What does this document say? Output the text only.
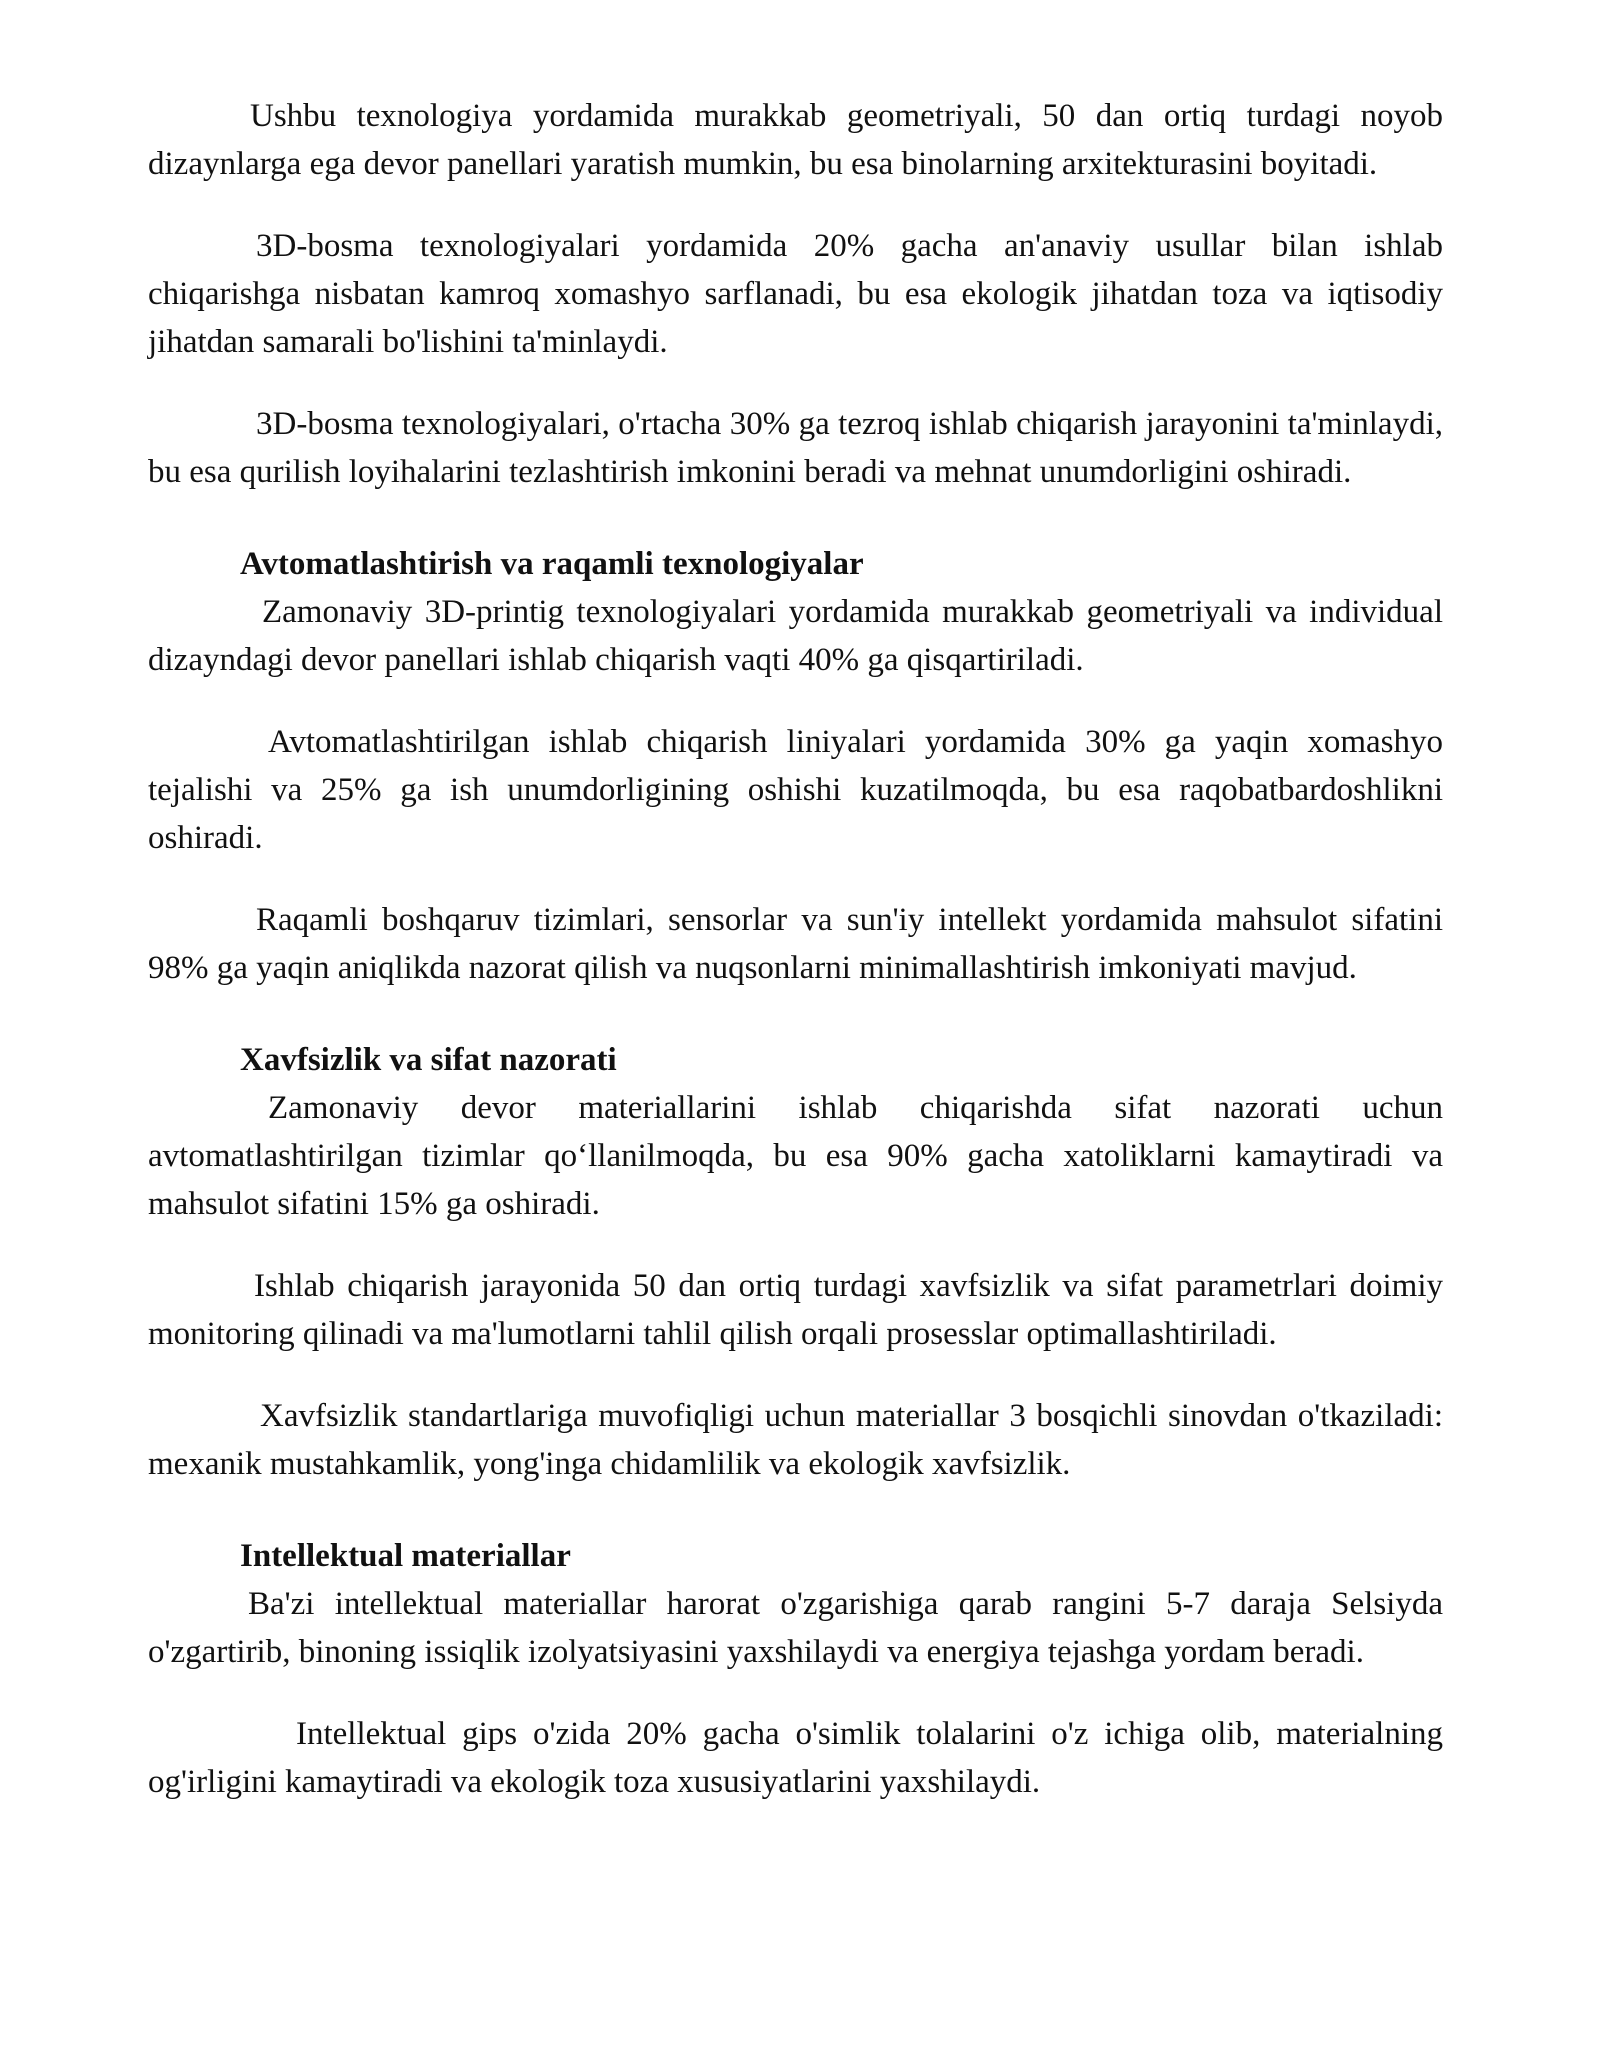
Ushbu texnologiya yordamida murakkab geometriyali, 50 dan ortiq turdagi noyob dizaynlarga ega devor panellari yaratish mumkin, bu esa binolarning arxitekturasini boyitadi.

3D-bosma texnologiyalari yordamida 20% gacha an'anaviy usullar bilan ishlab chiqarishga nisbatan kamroq xomashyo sarflanadi, bu esa ekologik jihatdan toza va iqtisodiy jihatdan samarali bo'lishini ta'minlaydi.

3D-bosma texnologiyalari, o'rtacha 30% ga tezroq ishlab chiqarish jarayonini ta'minlaydi, bu esa qurilish loyihalarini tezlashtirish imkonini beradi va mehnat unumdorligini oshiradi.

Avtomatlashtirish va raqamli texnologiyalar

Zamonaviy 3D-printig texnologiyalari yordamida murakkab geometriyali va individual dizayndagi devor panellari ishlab chiqarish vaqti 40% ga qisqartiriladi.

Avtomatlashtirilgan ishlab chiqarish liniyalari yordamida 30% ga yaqin xomashyo tejalishi va 25% ga ish unumdorligining oshishi kuzatilmoqda, bu esa raqobatbardoshlikni oshiradi.

Raqamli boshqaruv tizimlari, sensorlar va sun'iy intellekt yordamida mahsulot sifatini 98% ga yaqin aniqlikda nazorat qilish va nuqsonlarni minimallashtirish imkoniyati mavjud.

Xavfsizlik va sifat nazorati

Zamonaviy devor materiallarini ishlab chiqarishda sifat nazorati uchun avtomatlashtirilgan tizimlar qo‘llanilmoqda, bu esa 90% gacha xatoliklarni kamaytiradi va mahsulot sifatini 15% ga oshiradi.

Ishlab chiqarish jarayonida 50 dan ortiq turdagi xavfsizlik va sifat parametrlari doimiy monitoring qilinadi va ma'lumotlarni tahlil qilish orqali prosesslar optimallashtiriladi.

Xavfsizlik standartlariga muvofiqligi uchun materiallar 3 bosqichli sinovdan o'tkaziladi: mexanik mustahkamlik, yong'inga chidamlilik va ekologik xavfsizlik.

Intellektual materiallar

Ba'zi intellektual materiallar harorat o'zgarishiga qarab rangini 5-7 daraja Selsiyda o'zgartirib, binoning issiqlik izolyatsiyasini yaxshilaydi va energiya tejashga yordam beradi.

Intellektual gips o'zida 20% gacha o'simlik tolalarini o'z ichiga olib, materialning og'irligini kamaytiradi va ekologik toza xususiyatlarini yaxshilaydi.
